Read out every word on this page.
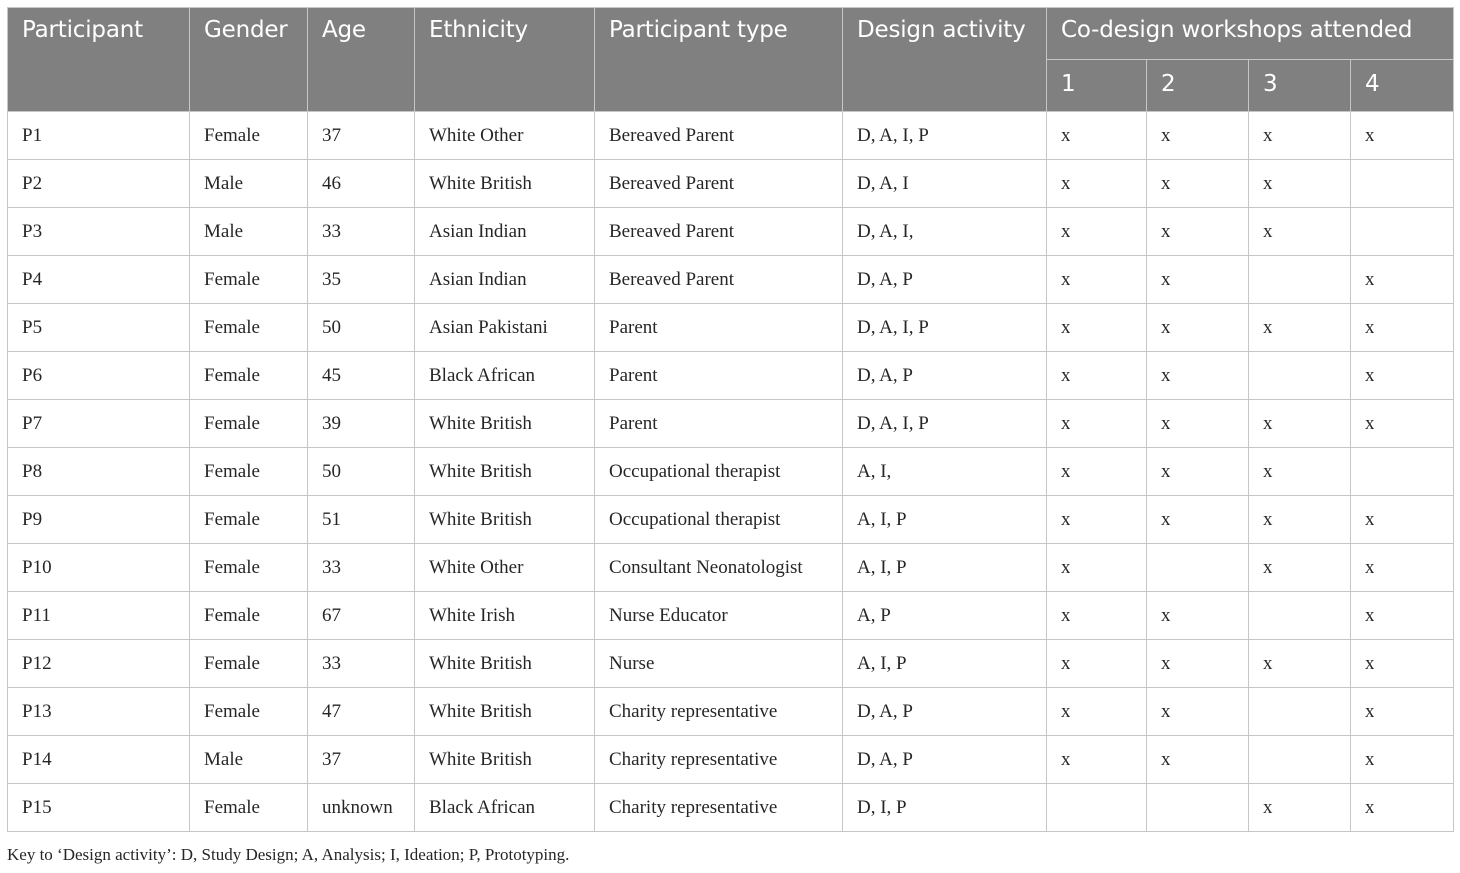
Participant	Gender	Age	Ethnicity	Participant type	Design activity	Co-design workshops attended			
						1	2	3	4
P1	Female	37	White Other	Bereaved Parent	D, A, I, P	x	x	x	x
P2	Male	46	White British	Bereaved Parent	D, A, I	x	x	x	
P3	Male	33	Asian Indian	Bereaved Parent	D, A, I,	x	x	x	
P4	Female	35	Asian Indian	Bereaved Parent	D, A, P	x	x		x
P5	Female	50	Asian Pakistani	Parent	D, A, I, P	x	x	x	x
P6	Female	45	Black African	Parent	D, A, P	x	x		x
P7	Female	39	White British	Parent	D, A, I, P	x	x	x	x
P8	Female	50	White British	Occupational therapist	A, I,	x	x	x	
P9	Female	51	White British	Occupational therapist	A, I, P	x	x	x	x
P10	Female	33	White Other	Consultant Neonatologist	A, I, P	x		x	x
P11	Female	67	White Irish	Nurse Educator	A, P	x	x		x
P12	Female	33	White British	Nurse	A, I, P	x	x	x	x
P13	Female	47	White British	Charity representative	D, A, P	x	x		x
P14	Male	37	White British	Charity representative	D, A, P	x	x		x
P15	Female	unknown	Black African	Charity representative	D, I, P			x	x
Key to ‘Design activity’: D, Study Design; A, Analysis; I, Ideation; P, Prototyping.
